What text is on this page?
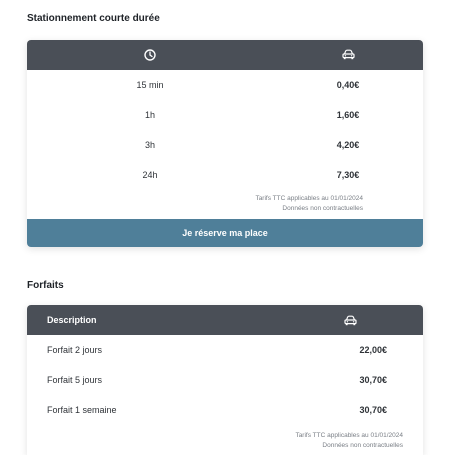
Stationnement courte durée
15 min	0,40€
1h	1,60€
3h	4,20€
24h	7,30€
Tarifs TTC applicables au 01/01/2024
Données non contractuelles
Je réserve ma place
Forfaits
Description
Forfait 2 jours	22,00€
Forfait 5 jours	30,70€
Forfait 1 semaine	30,70€
Tarifs TTC applicables au 01/01/2024
Données non contractuelles
